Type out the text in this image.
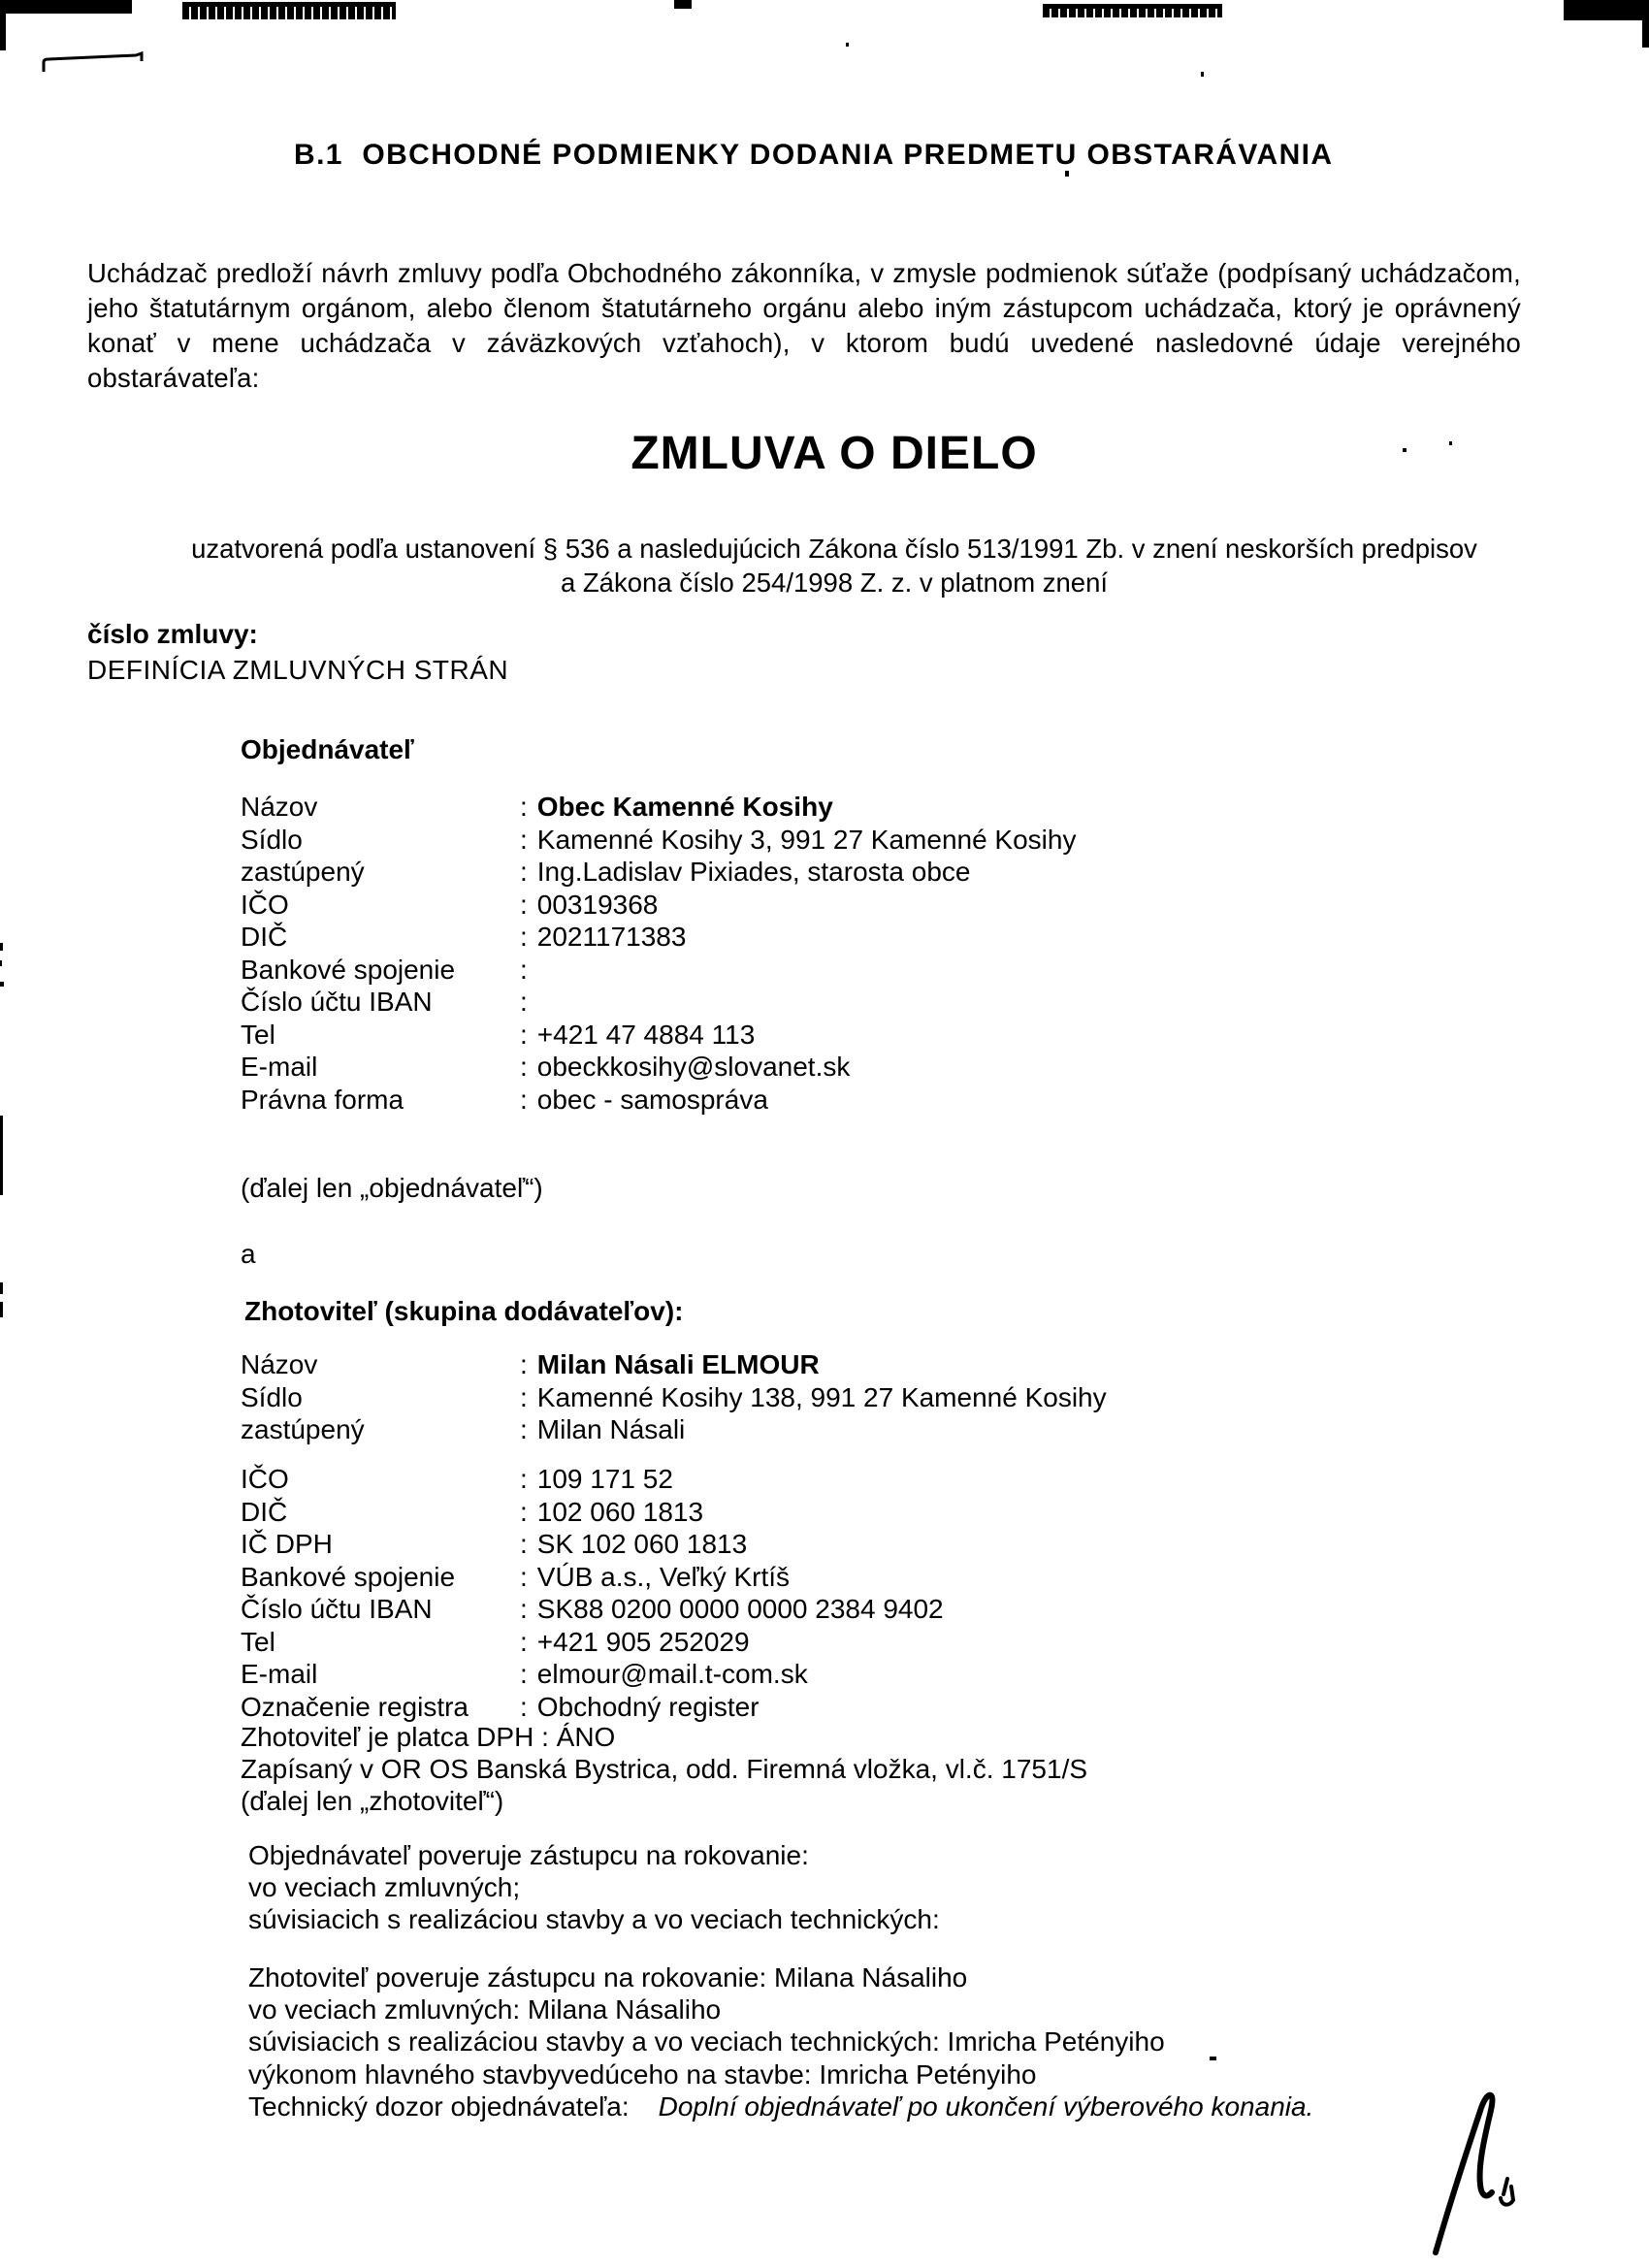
B.1  OBCHODNÉ PODMIENKY DODANIA PREDMETU OBSTARÁVANIA

Uchádzač predloží návrh zmluvy podľa Obchodného zákonníka, v zmysle podmienok súťaže (podpísaný uchádzačom, jeho štatutárnym orgánom, alebo členom štatutárneho orgánu alebo iným zástupcom uchádzača, ktorý je oprávnený konať v mene uchádzača v záväzkových vzťahoch), v ktorom budú uvedené nasledovné údaje verejného obstarávateľa:

ZMLUVA O DIELO
uzatvorená podľa ustanovení § 536 a nasledujúcich Zákona číslo 513/1991 Zb. v znení neskorších predpisov
a Zákona číslo 254/1998 Z. z. v platnom znení
číslo zmluvy:
DEFINÍCIA ZMLUVNÝCH STRÁN
Objednávateľ
Názov	: Obec Kamenné Kosihy
Sídlo	: Kamenné Kosihy 3, 991 27 Kamenné Kosihy
zastúpený	: Ing.Ladislav Pixiades, starosta obce
IČO	: 00319368
DIČ	: 2021171383
Bankové spojenie	:
Číslo účtu IBAN	:
Tel	: +421 47 4884 113
E-mail	: obeckkosihy@slovanet.sk
Právna forma	: obec - samospráva
(ďalej len „objednávateľ“)
a
Zhotoviteľ (skupina dodávateľov):
Názov	: Milan Násali ELMOUR
Sídlo	: Kamenné Kosihy 138, 991 27 Kamenné Kosihy
zastúpený	: Milan Násali
IČO	: 109 171 52
DIČ	: 102 060 1813
IČ DPH	: SK 102 060 1813
Bankové spojenie	: VÚB a.s., Veľký Krtíš
Číslo účtu IBAN	: SK88 0200 0000 0000 2384 9402
Tel	: +421 905 252029
E-mail	: elmour@mail.t-com.sk
Označenie registra	: Obchodný register
Zhotoviteľ je platca DPH : ÁNO
Zapísaný v OR OS Banská Bystrica, odd. Firemná vložka, vl.č. 1751/S
(ďalej len „zhotoviteľ“)
Objednávateľ poveruje zástupcu na rokovanie:
vo veciach zmluvných;
súvisiacich s realizáciou stavby a vo veciach technických:
Zhotoviteľ poveruje zástupcu na rokovanie: Milana Násaliho
vo veciach zmluvných: Milana Násaliho
súvisiacich s realizáciou stavby a vo veciach technických: Imricha Petényiho
výkonom hlavného stavbyvedúceho na stavbe: Imricha Petényiho
Technický dozor objednávateľa: Doplní objednávateľ po ukončení výberového konania.
